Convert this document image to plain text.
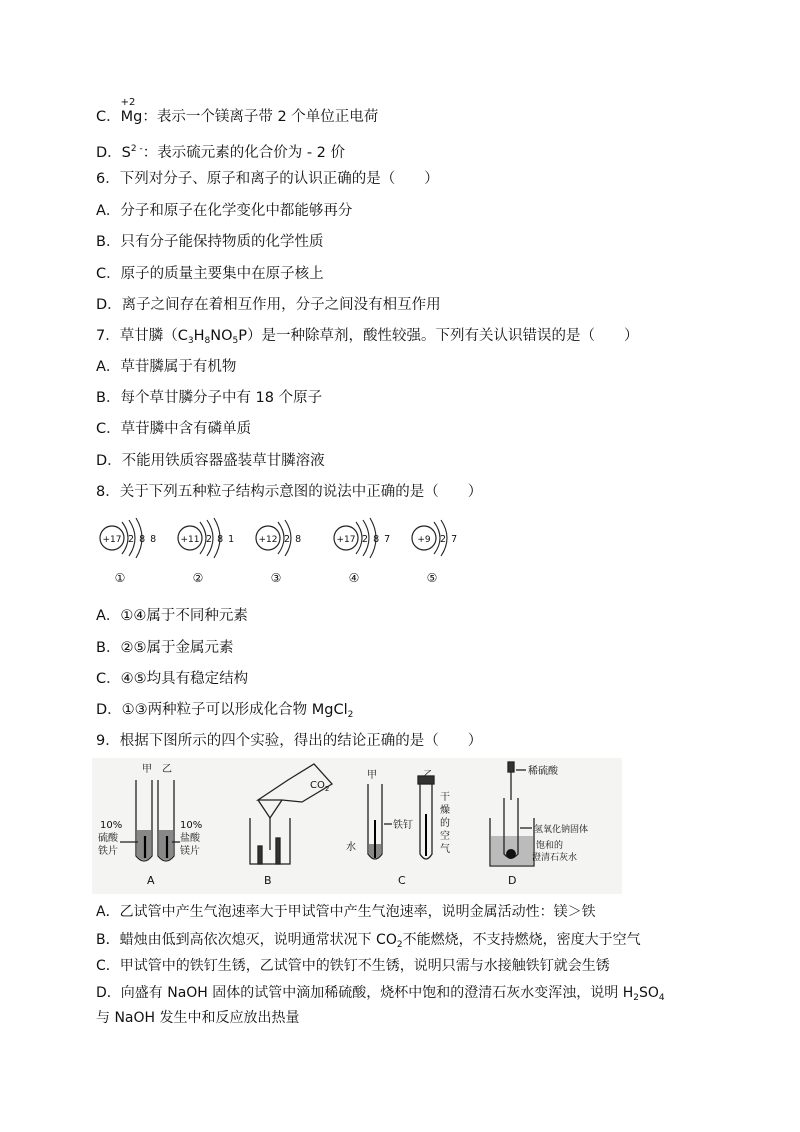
C．
+2
Mg：表示一个镁离子带 2 个单位正电荷
D．$S^{2 -}$：表示硫元素的化合价为 - 2 价
6．下列对分子、原子和离子的认识正确的是（　　）
A．分子和原子在化学变化中都能够再分
B．只有分子能保持物质的化学性质
C．原子的质量主要集中在原子核上
D．离子之间存在着相互作用，分子之间没有相互作用
7．草甘膦$(C_3H_8NO_5P)$是一种除草剂，酸性较强。下列有关认识错误的是（　　）
A．草苷膦属于有机物
B．每个草甘膦分子中有 18 个原子
C．草苷膦中含有磷单质
D．不能用铁质容器盛装草甘膦溶液
8．关于下列五种粒子结构示意图的说法中正确的是（　　）
+17 2 8 8
①
+11 2 8 1
②
+12 2 8
③
+17 2 8 7
④
+9 2 7
⑤
A．①④属于不同种元素
B．②⑤属于金属元素
C．④⑤均具有稳定结构
D．①③两种粒子可以形成化合物 MgCl$_2$
9．根据下图所示的四个实验，得出的结论正确的是（　　）
甲 乙
10%
硫酸
铁片
10%
盐酸
镁片
A
$CO_2$
B
甲
铁钉
水
干
燥
的
空
气
C
稀硫酸
氢氧化钠固体
饱和的
澄清石灰水
D
A．乙试管中产生气泡速率大于甲试管中产生气泡速率，说明金属活动性：镁＞铁
B．蜡烛由低到高依次熄灭，说明通常状况下 $CO_2$不能燃烧，不支持燃烧，密度大于空气
C．甲试管中的铁钉生锈，乙试管中的铁钉不生锈，说明只需与水接触铁钉就会生锈
D．向盛有 NaOH 固体的试管中滴加稀硫酸，烧杯中饱和的澄清石灰水变浑浊，说明 $H_2SO_4$
与 NaOH 发生中和反应放出热量
